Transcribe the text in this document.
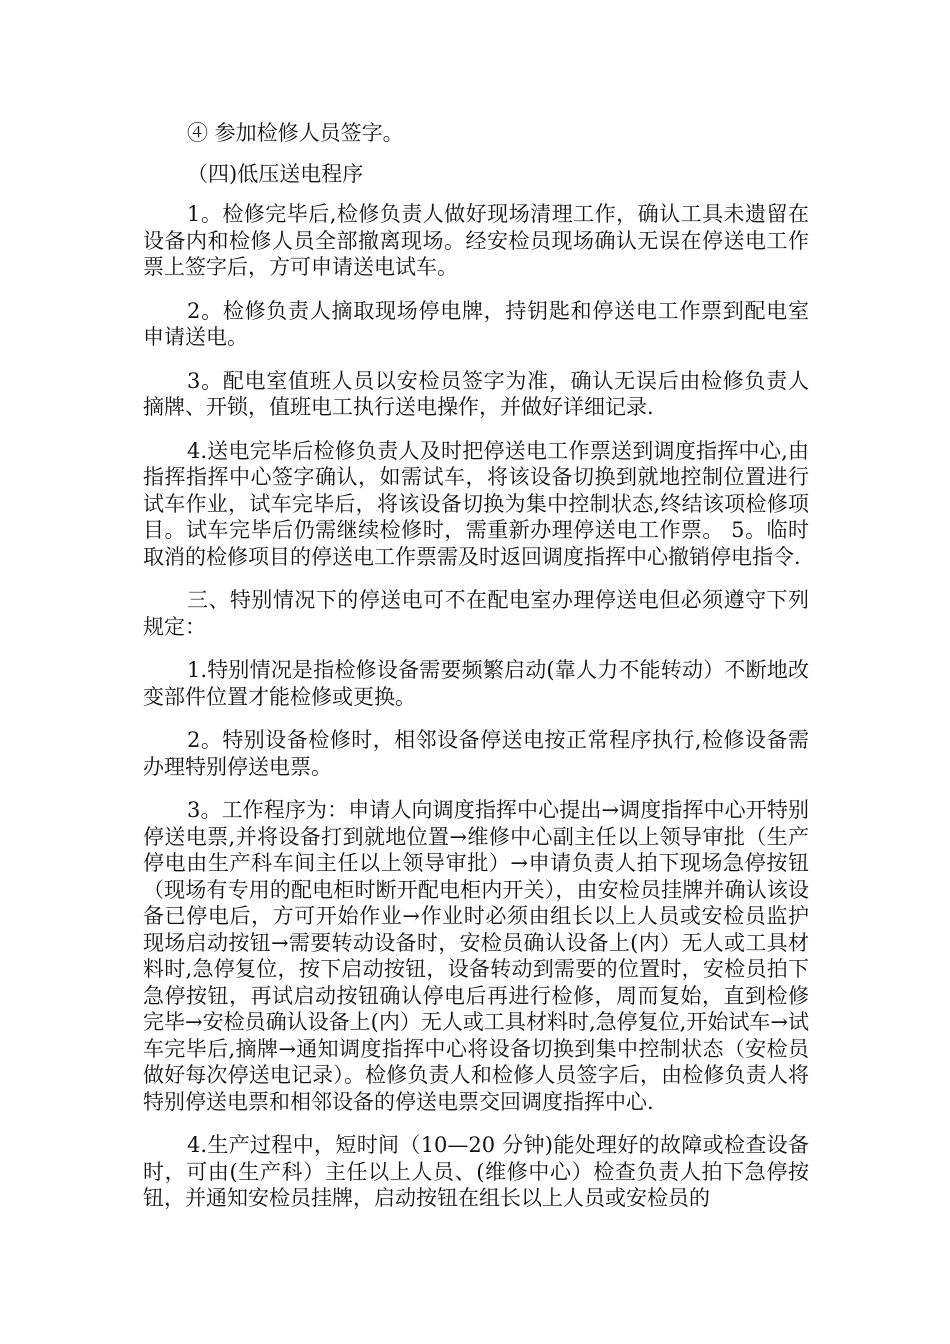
④ 参加检修人员签字。

（四)低压送电程序

1。检修完毕后,检修负责人做好现场清理工作，确认工具未遗留在设备内和检修人员全部撤离现场。经安检员现场确认无误在停送电工作票上签字后，方可申请送电试车。

2。检修负责人摘取现场停电牌，持钥匙和停送电工作票到配电室申请送电。

3。配电室值班人员以安检员签字为准，确认无误后由检修负责人摘牌、开锁，值班电工执行送电操作，并做好详细记录.

4.送电完毕后检修负责人及时把停送电工作票送到调度指挥中心,由指挥指挥中心签字确认，如需试车，将该设备切换到就地控制位置进行试车作业，试车完毕后，将该设备切换为集中控制状态,终结该项检修项目。试车完毕后仍需继续检修时，需重新办理停送电工作票。 5。临时取消的检修项目的停送电工作票需及时返回调度指挥中心撤销停电指令.

三、特别情况下的停送电可不在配电室办理停送电但必须遵守下列规定：

1.特别情况是指检修设备需要频繁启动(靠人力不能转动）不断地改变部件位置才能检修或更换。

2。特别设备检修时，相邻设备停送电按正常程序执行,检修设备需办理特别停送电票。

3。工作程序为：申请人向调度指挥中心提出→调度指挥中心开特别停送电票,并将设备打到就地位置→维修中心副主任以上领导审批（生产停电由生产科车间主任以上领导审批）→申请负责人拍下现场急停按钮（现场有专用的配电柜时断开配电柜内开关），由安检员挂牌并确认该设备已停电后，方可开始作业→作业时必须由组长以上人员或安检员监护现场启动按钮→需要转动设备时，安检员确认设备上(内）无人或工具材料时,急停复位，按下启动按钮，设备转动到需要的位置时，安检员拍下急停按钮，再试启动按钮确认停电后再进行检修，周而复始，直到检修完毕→安检员确认设备上(内）无人或工具材料时,急停复位,开始试车→试车完毕后,摘牌→通知调度指挥中心将设备切换到集中控制状态（安检员做好每次停送电记录）。检修负责人和检修人员签字后，由检修负责人将特别停送电票和相邻设备的停送电票交回调度指挥中心.

4.生产过程中，短时间（10—20 分钟)能处理好的故障或检查设备时，可由(生产科）主任以上人员、(维修中心）检查负责人拍下急停按钮，并通知安检员挂牌，启动按钮在组长以上人员或安检员的
